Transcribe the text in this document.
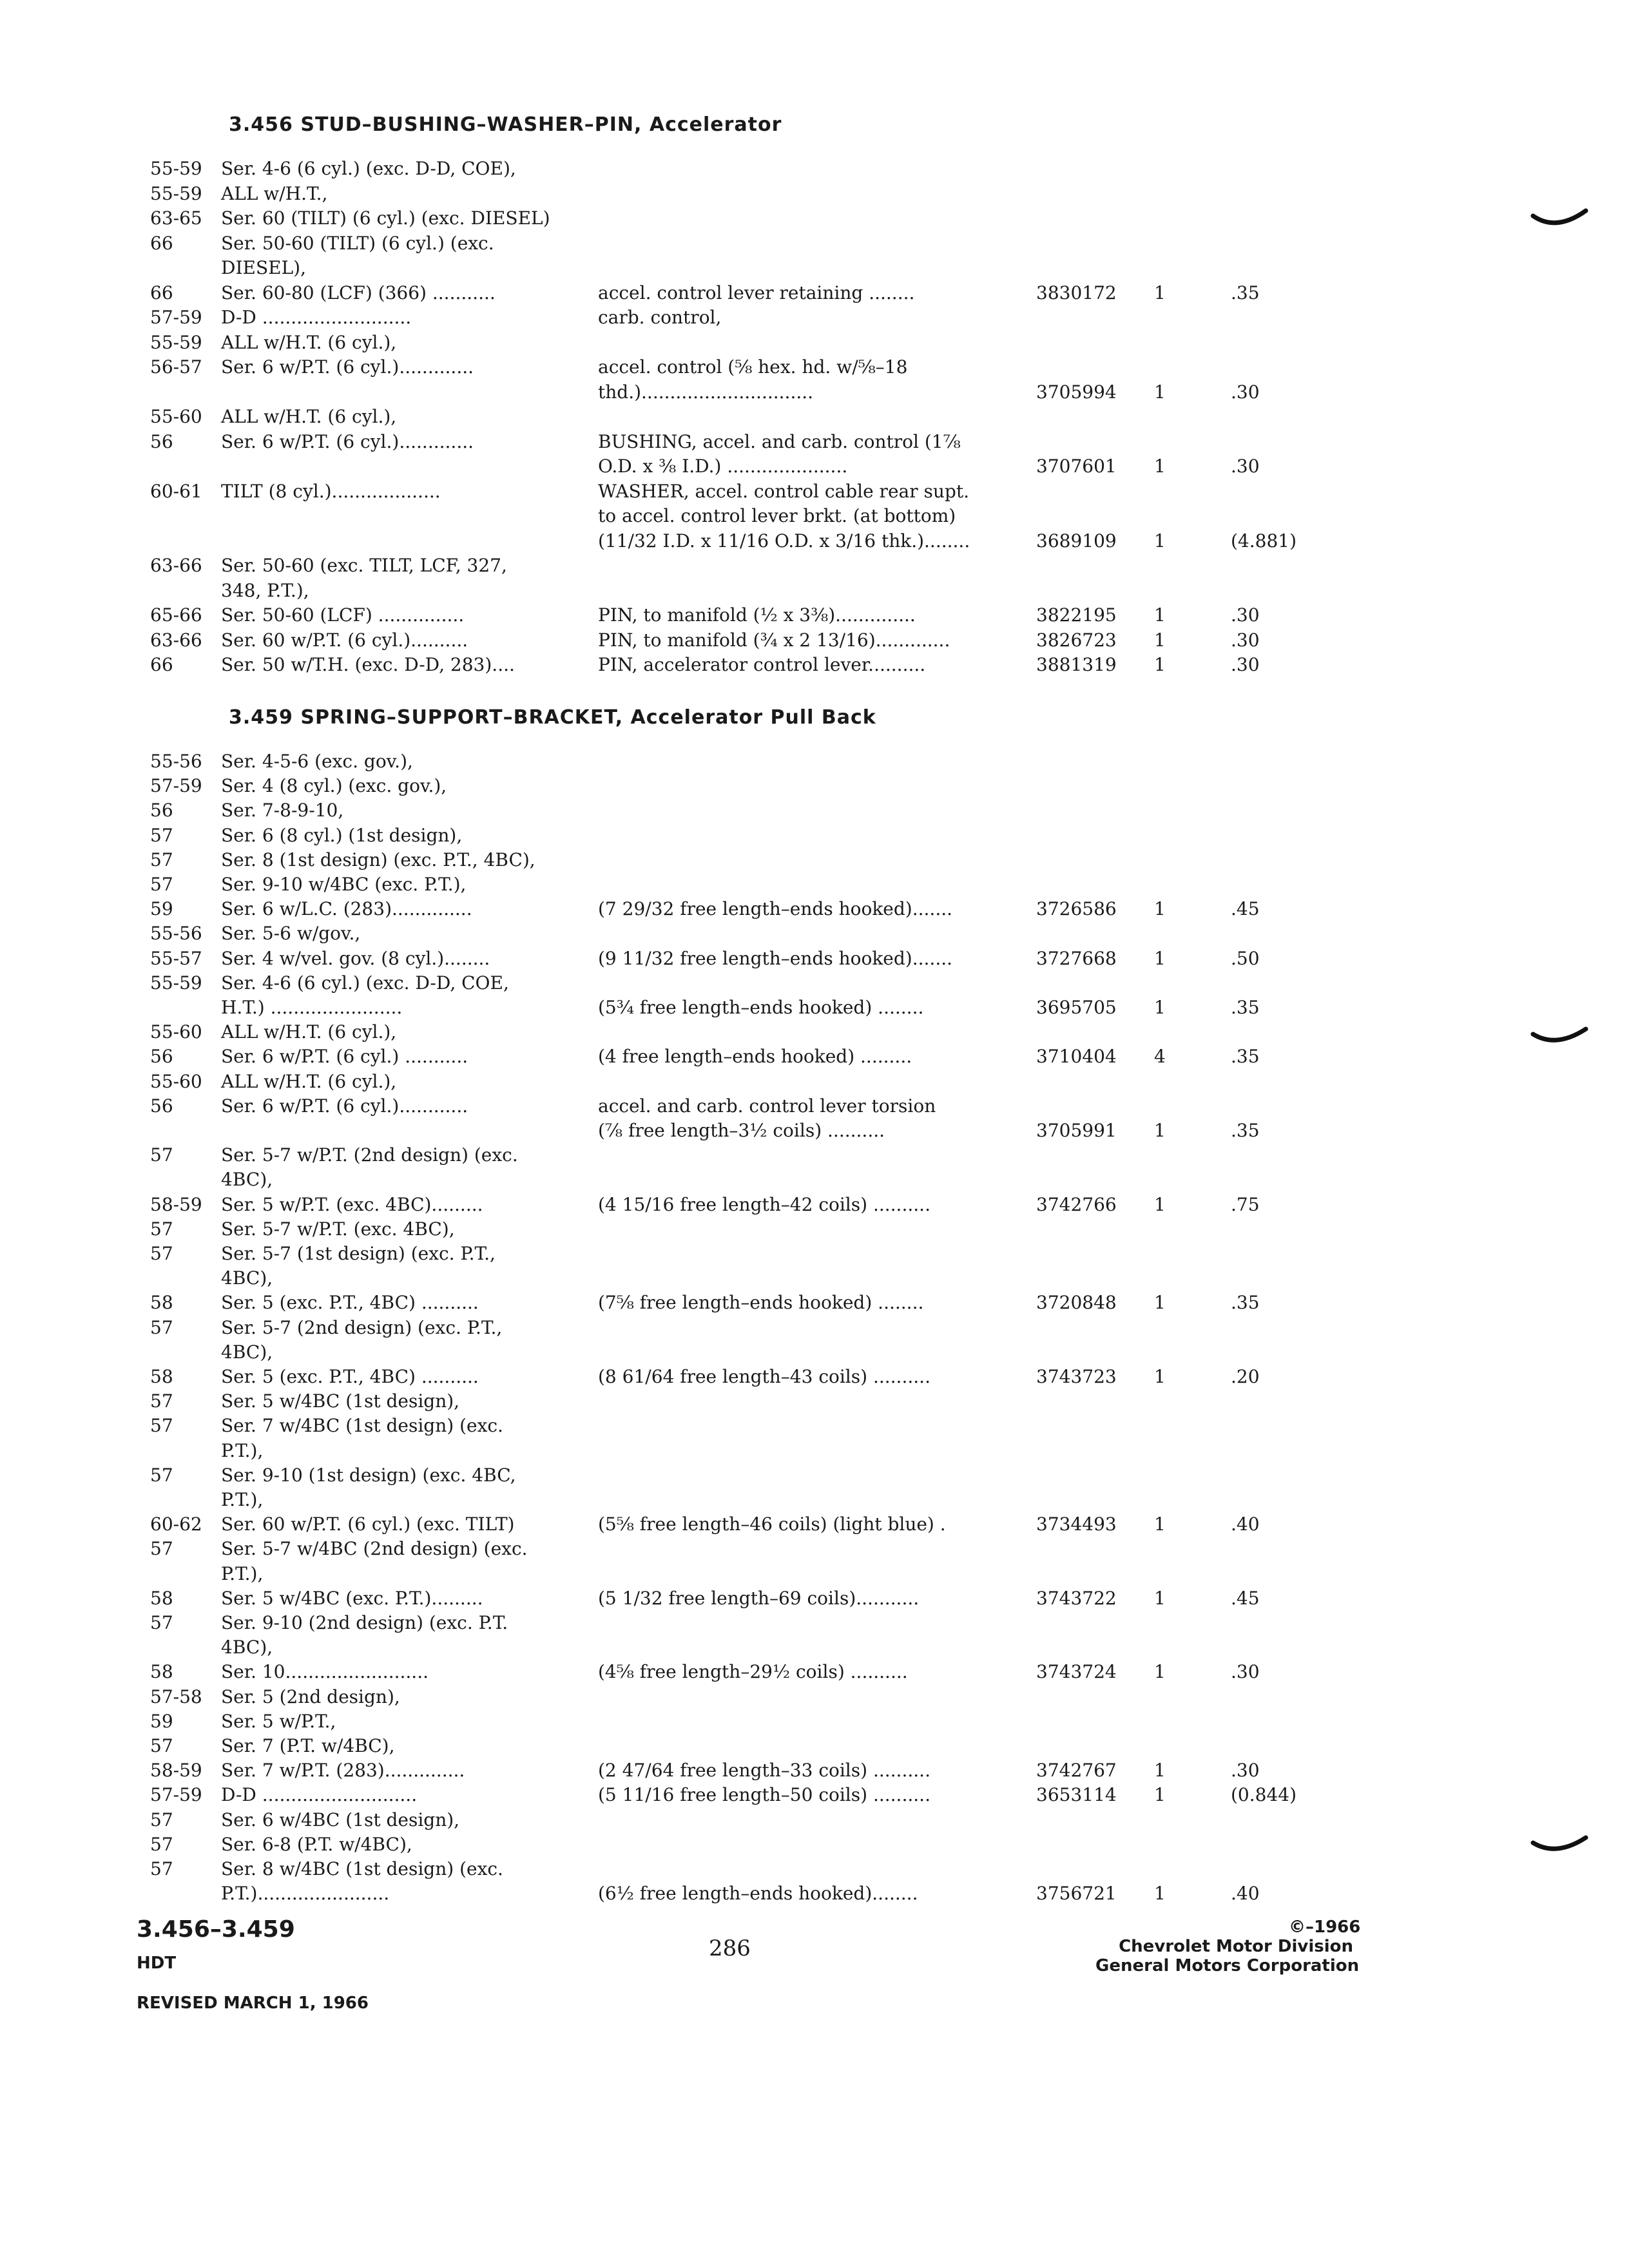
3.456 STUD–BUSHING–WASHER–PIN, Accelerator
55-59 Ser. 4-6 (6 cyl.) (exc. D-D, COE),
55-59 ALL w/H.T.,
63-65 Ser. 60 (TILT) (6 cyl.) (exc. DIESEL)
66	Ser. 50-60 (TILT) (6 cyl.) (exc.
DIESEL),
66	Ser. 60-80 (LCF) (366) ...........	accel. control lever retaining ........	3830172 1	.35
57-59 D-D ..........................	carb. control,
55-59 ALL w/H.T. (6 cyl.),
56-57 Ser. 6 w/P.T. (6 cyl.).............	accel. control (⅝ hex. hd. w/⅝–18
thd.)..............................	3705994 1	.30
55-60 ALL w/H.T. (6 cyl.),
56	Ser. 6 w/P.T. (6 cyl.).............	BUSHING, accel. and carb. control (1⅞
O.D. x ⅜ I.D.) .....................	3707601 1	.30
60-61 TILT (8 cyl.)...................	WASHER, accel. control cable rear supt.
to accel. control lever brkt. (at bottom)
(11/32 I.D. x 11/16 O.D. x 3/16 thk.)........	3689109 1	(4.881)
63-66 Ser. 50-60 (exc. TILT, LCF, 327,
348, P.T.),
65-66 Ser. 50-60 (LCF) ...............	PIN, to manifold (½ x 3⅜)..............	3822195 1	.30
63-66 Ser. 60 w/P.T. (6 cyl.)..........	PIN, to manifold (¾ x 2 13/16).............	3826723 1	.30
66	Ser. 50 w/T.H. (exc. D-D, 283)....	PIN, accelerator control lever..........	3881319 1	.30
3.459 SPRING–SUPPORT–BRACKET, Accelerator Pull Back
55-56 Ser. 4-5-6 (exc. gov.),
57-59 Ser. 4 (8 cyl.) (exc. gov.),
56	Ser. 7-8-9-10,
57	Ser. 6 (8 cyl.) (1st design),
57	Ser. 8 (1st design) (exc. P.T., 4BC),
57	Ser. 9-10 w/4BC (exc. P.T.),
59	Ser. 6 w/L.C. (283)..............	(7 29/32 free length–ends hooked).......	3726586 1	.45
55-56 Ser. 5-6 w/gov.,
55-57 Ser. 4 w/vel. gov. (8 cyl.)........	(9 11/32 free length–ends hooked).......	3727668 1	.50
55-59 Ser. 4-6 (6 cyl.) (exc. D-D, COE,
H.T.) .......................	(5¾ free length–ends hooked) ........	3695705 1	.35
55-60 ALL w/H.T. (6 cyl.),
56	Ser. 6 w/P.T. (6 cyl.) ...........	(4 free length–ends hooked) .........	3710404 4	.35
55-60 ALL w/H.T. (6 cyl.),
56	Ser. 6 w/P.T. (6 cyl.)............	accel. and carb. control lever torsion
(⅞ free length–3½ coils) ..........	3705991 1	.35
57	Ser. 5-7 w/P.T. (2nd design) (exc.
4BC),
58-59 Ser. 5 w/P.T. (exc. 4BC).........	(4 15/16 free length–42 coils) ..........	3742766 1	.75
57	Ser. 5-7 w/P.T. (exc. 4BC),
57	Ser. 5-7 (1st design) (exc. P.T.,
4BC),
58	Ser. 5 (exc. P.T., 4BC) ..........	(7⅝ free length–ends hooked) ........	3720848 1	.35
57	Ser. 5-7 (2nd design) (exc. P.T.,
4BC),
58	Ser. 5 (exc. P.T., 4BC) ..........	(8 61/64 free length–43 coils) ..........	3743723 1	.20
57	Ser. 5 w/4BC (1st design),
57	Ser. 7 w/4BC (1st design) (exc.
P.T.),
57	Ser. 9-10 (1st design) (exc. 4BC,
P.T.),
60-62 Ser. 60 w/P.T. (6 cyl.) (exc. TILT)	(5⅝ free length–46 coils) (light blue) .	3734493 1	.40
57	Ser. 5-7 w/4BC (2nd design) (exc.
P.T.),
58	Ser. 5 w/4BC (exc. P.T.).........	(5 1/32 free length–69 coils)...........	3743722 1	.45
57	Ser. 9-10 (2nd design) (exc. P.T.
4BC),
58	Ser. 10.........................	(4⅝ free length–29½ coils) ..........	3743724 1	.30
57-58 Ser. 5 (2nd design),
59	Ser. 5 w/P.T.,
57	Ser. 7 (P.T. w/4BC),
58-59 Ser. 7 w/P.T. (283)..............	(2 47/64 free length–33 coils) ..........	3742767 1	.30
57-59 D-D ...........................	(5 11/16 free length–50 coils) ..........	3653114 1	(0.844)
57	Ser. 6 w/4BC (1st design),
57	Ser. 6-8 (P.T. w/4BC),
57	Ser. 8 w/4BC (1st design) (exc.
P.T.).......................	(6½ free length–ends hooked)........	3756721 1	.40
3.456–3.459
HDT
REVISED MARCH 1, 1966
286
©–1966
Chevrolet Motor Division
General Motors Corporation
